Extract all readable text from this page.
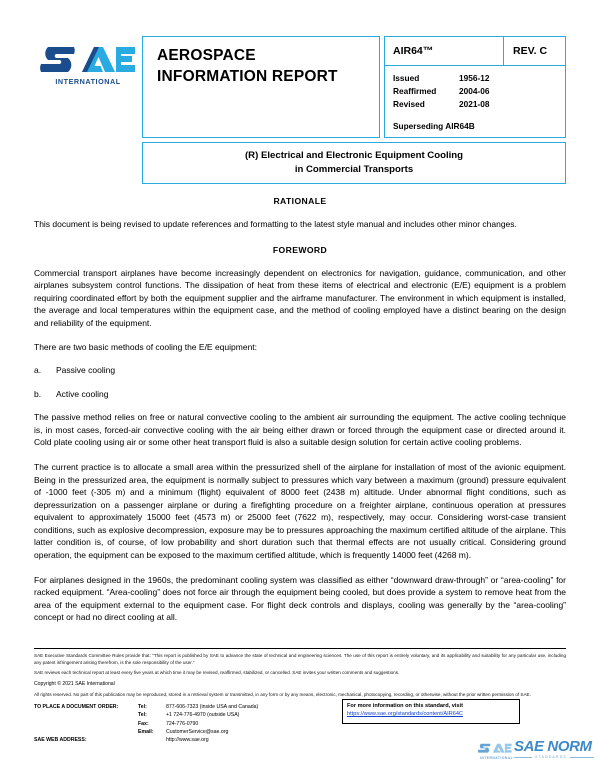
INTERNATIONAL
AEROSPACE
INFORMATION REPORT
AIR64™	REV. C
Issued	1956-12
Reaffirmed	2004-06
Revised	2021-08
Superseding AIR64B
(R) Electrical and Electronic Equipment Cooling
in Commercial Transports
RATIONALE

This document is being revised to update references and formatting to the latest style manual and includes other minor changes.

FOREWORD

Commercial transport airplanes have become increasingly dependent on electronics for navigation, guidance, communication, and other airplanes subsystem control functions. The dissipation of heat from these items of electrical and electronic (E/E) equipment is a problem requiring coordinated effort by both the equipment supplier and the airframe manufacturer. The environment in which equipment is installed, the average and local temperatures within the equipment case, and the method of cooling employed have a distinct bearing on the design and reliability of the equipment.

There are two basic methods of cooling the E/E equipment:

a.	Passive cooling
b.	Active cooling

The passive method relies on free or natural convective cooling to the ambient air surrounding the equipment. The active cooling technique is, in most cases, forced-air convective cooling with the air being either drawn or forced through the equipment case or directed around it. Cold plate cooling using air or some other heat transport fluid is also a suitable design solution for certain active cooling problems.

The current practice is to allocate a small area within the pressurized shell of the airplane for installation of most of the avionic equipment. Being in the pressurized area, the equipment is normally subject to pressures which vary between a maximum (ground) pressure equivalent of -1000 feet (-305 m) and a minimum (flight) equivalent of 8000 feet (2438 m) altitude. Under abnormal flight conditions, such as depressurization on a passenger airplane or during a firefighting procedure on a freighter airplane, continuous operation at pressures equivalent to approximately 15000 feet (4573 m) or 25000 feet (7622 m), respectively, may occur. Considering worst-case transient conditions, such as explosive decompression, exposure may be to pressures approaching the maximum certified altitude of the airplane. This latter condition is, of course, of low probability and short duration such that thermal effects are not usually critical. Considering ground operation, the equipment can be exposed to the maximum certified altitude, which is frequently 14000 feet (4268 m).

For airplanes designed in the 1960s, the predominant cooling system was classified as either “downward draw-through” or “area-cooling” for racked equipment. “Area-cooling” does not force air through the equipment being cooled, but does provide a system to remove heat from the area of the equipment external to the equipment case. For flight deck controls and displays, cooling was generally by the “area-cooling” concept or had no direct cooling at all.

SAE Executive Standards Committee Rules provide that: “This report is published by SAE to advance the state of technical and engineering sciences. The use of this report is entirely voluntary, and its applicability and suitability for any particular use, including any patent infringement arising therefrom, is the sole responsibility of the user.”

SAE reviews each technical report at least every five years at which time it may be revised, reaffirmed, stabilized, or cancelled. SAE invites your written comments and suggestions.

Copyright © 2021 SAE International

All rights reserved. No part of this publication may be reproduced, stored in a retrieval system or transmitted, in any form or by any means, electronic, mechanical, photocopying, recording, or otherwise, without the prior written permission of SAE.

TO PLACE A DOCUMENT ORDER:	Tel:	877-606-7323 (inside USA and Canada)
Tel:	+1 724-776-4970 (outside USA)
Fax:	724-776-0790
Email:	CustomerService@sae.org
SAE WEB ADDRESS:	http://www.sae.org
For more information on this standard, visit
https://www.sae.org/standards/content/AIR64C
INTERNATIONAL
SAE NORM
STANDARDS
